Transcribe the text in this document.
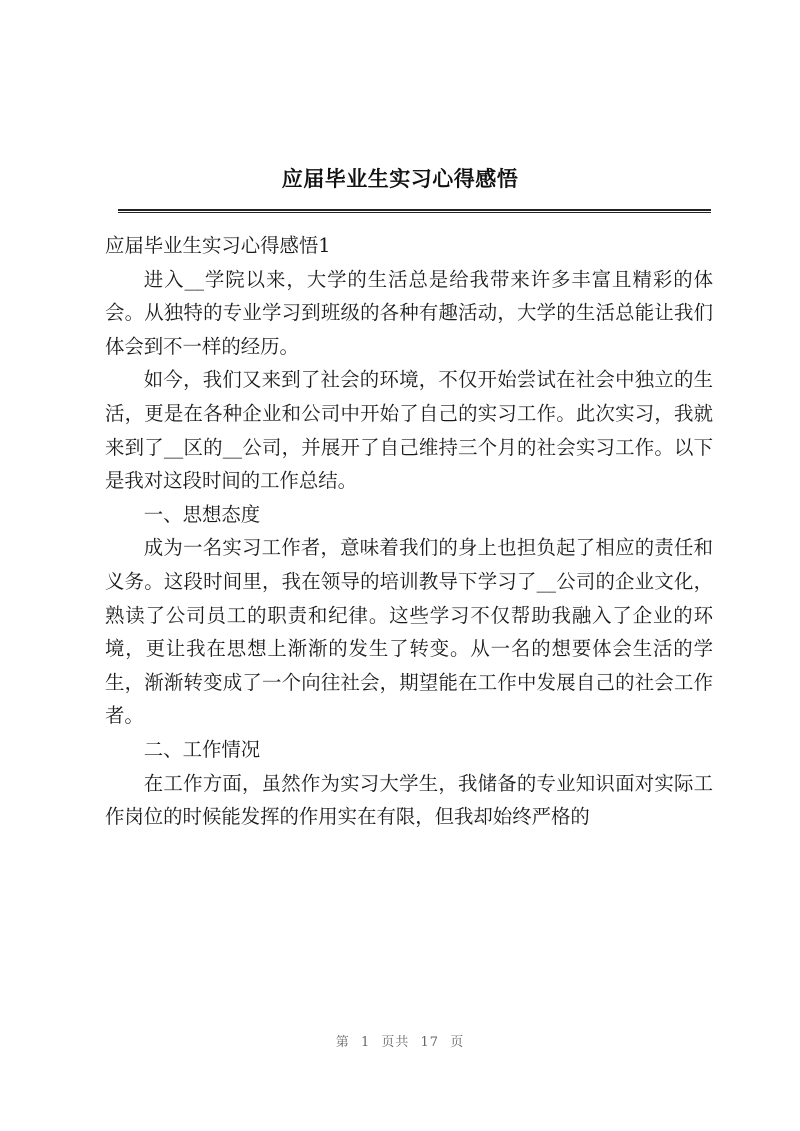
应届毕业生实习心得感悟

应届毕业生实习心得感悟1

进入__学院以来，大学的生活总是给我带来许多丰富且精彩的体会。从独特的专业学习到班级的各种有趣活动，大学的生活总能让我们体会到不一样的经历。

如今，我们又来到了社会的环境，不仅开始尝试在社会中独立的生活，更是在各种企业和公司中开始了自己的实习工作。此次实习，我就来到了__区的__公司，并展开了自己维持三个月的社会实习工作。以下是我对这段时间的工作总结。

一、思想态度

成为一名实习工作者，意味着我们的身上也担负起了相应的责任和义务。这段时间里，我在领导的培训教导下学习了__公司的企业文化，熟读了公司员工的职责和纪律。这些学习不仅帮助我融入了企业的环境，更让我在思想上渐渐的发生了转变。从一名的想要体会生活的学生，渐渐转变成了一个向往社会，期望能在工作中发展自己的社会工作者。

二、工作情况

在工作方面，虽然作为实习大学生，我储备的专业知识面对实际工作岗位的时候能发挥的作用实在有限，但我却始终严格的

第 1 页共 17 页
